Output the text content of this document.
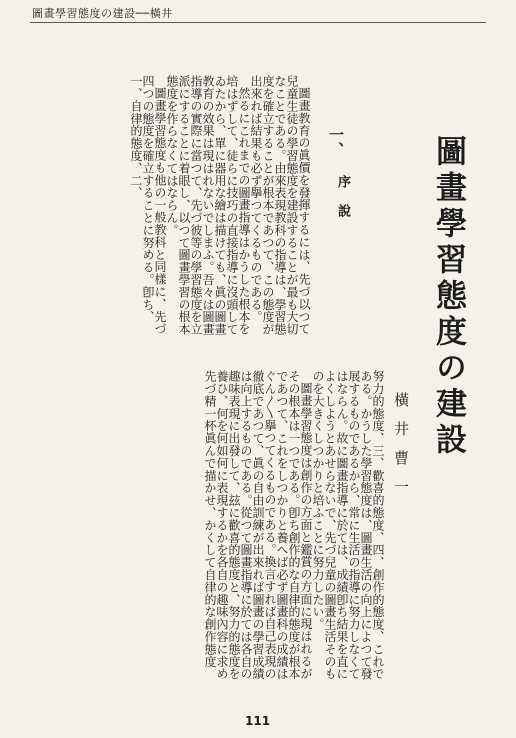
圖畫學習態度の建設──橫井
圖畫學習態度の建設
橫井曹一
一、
序說

圖畫教育の眞價を發揮するには、先づ以つて兒童生徒の學習態度を建設することが最も大切なことである。由來表現教科の指導は、學習態度を確立することが根本であつて、この態度が出來れば結果も必ず擧つてくるものである。

然るにこれまでの圖畫指導はかうした根本を培はずして、徒らに技巧の直接指導に沒頭してゐたから、單に器用な繪は描けても、眞の圖畫教育の效果は現はれないでしまふ。吾々は圖畫指導の實際に當つて、先づ彼等の學習態度を立派にすることに着眼し、以つて圖畫學習の根本態度を作らなくてはならん。

圖畫學習態度も他の一般教科と同樣に、先づ四つの態度を確立することに努める。卽ち、一、自律的態度、二、

努力的態度、三、歡喜的態度、四、創作的態度、これである。かうした學習態度は、圖畫生活の向上によつて發展するものであるから、常に生活の指導に努力しなくてはならん。故に圖畫指導に於ては、成績卽ち結果を直によくしようとあせらないで、先づ兒童の圖畫生活そのものを大きくしつかりと培ふことに努力したい。

圖畫學習態度は創作の方面と鑑賞の方面に現はれるがその根本は一つである。卽ち創作的な自律的態度が根本であつて、これをしつかりと養へば必ず圖畫科の成績はぐん〳〵擧つてくるものである。換言すれば自己表現の徹底であつて、眞の自由訓練が出來れば圖畫の學習成績は向上するものである。從つて圖畫指導に於ては各自の趣味表現に出發して、玆に歡喜的態度と、努力的態度を養ひ、何を何如何に表現するかを各自の趣味內容に求め先づ精一杯眞んで描かせ、かくして自律的な創作態度

111
